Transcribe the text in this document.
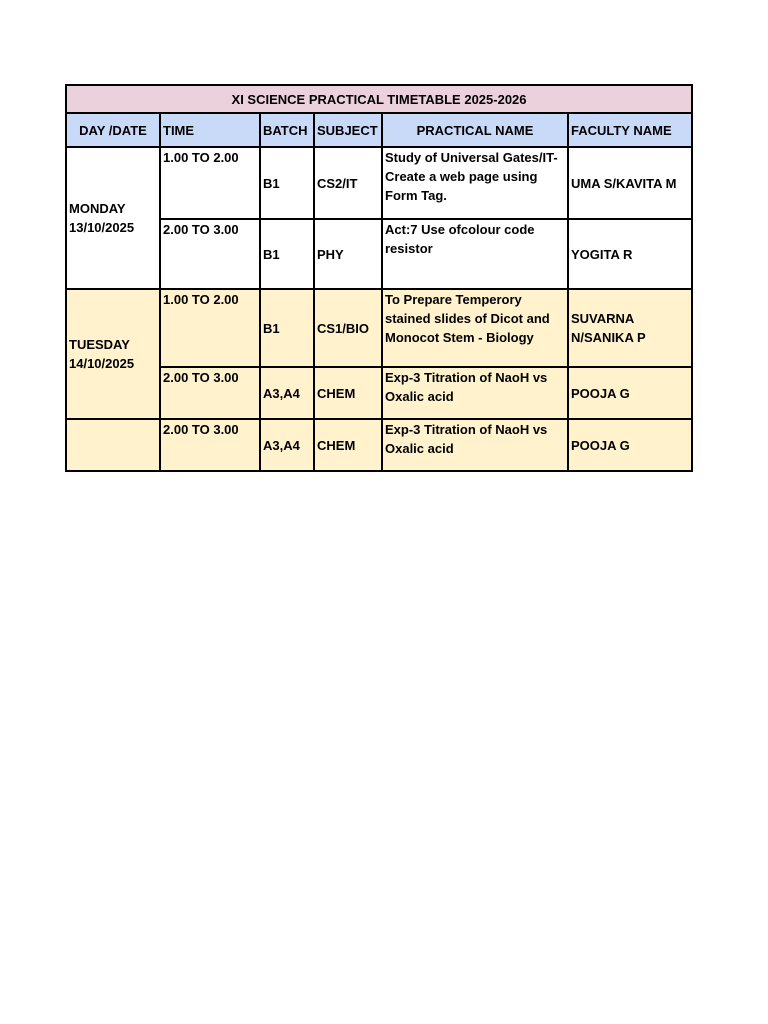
XI SCIENCE PRACTICAL TIMETABLE 2025-2026					
DAY /DATE	TIME	BATCH	SUBJECT	PRACTICAL NAME	FACULTY NAME

MONDAY
13/10/2025	1.00 TO 2.00	B1	CS2/IT	Study of Universal Gates/IT-Create a web page using Form Tag.	UMA S/KAVITA M
	2.00 TO 3.00	B1	PHY	Act:7 Use ofcolour code resistor	YOGITA R

TUESDAY
14/10/2025	1.00 TO 2.00	B1	CS1/BIO	To Prepare Temperory stained slides of Dicot and Monocot Stem - Biology	SUVARNA N/SANIKA P
	2.00 TO 3.00	A3,A4	CHEM	Exp-3 Titration of NaoH vs Oxalic acid	POOJA G
	2.00 TO 3.00	A3,A4	CHEM	Exp-3 Titration of NaoH vs Oxalic acid	POOJA G
